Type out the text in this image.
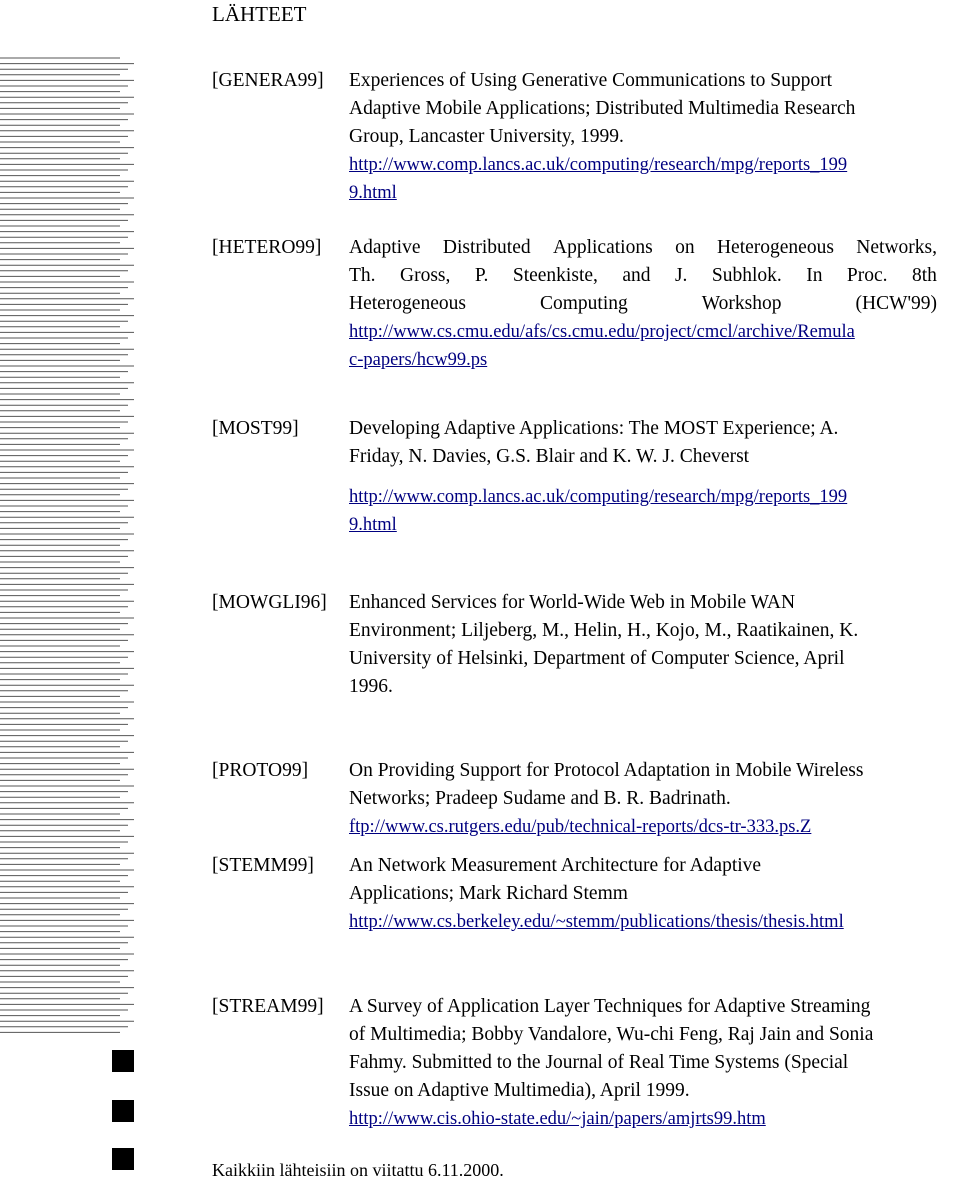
LÄHTEET
[GENERA99] Experiences of Using Generative Communications to Support
Adaptive Mobile Applications; Distributed Multimedia Research
Group, Lancaster University, 1999.
http://www.comp.lancs.ac.uk/computing/research/mpg/reports_199
9.html
[HETERO99] Adaptive Distributed Applications on Heterogeneous Networks,
Th. Gross, P. Steenkiste, and J. Subhlok. In Proc. 8th
Heterogeneous	Computing	Workshop	(HCW'99)
http://www.cs.cmu.edu/afs/cs.cmu.edu/project/cmcl/archive/Remula
c-papers/hcw99.ps
[MOST99]	Developing Adaptive Applications: The MOST Experience; A.
Friday, N. Davies, G.S. Blair and K. W. J. Cheverst
http://www.comp.lancs.ac.uk/computing/research/mpg/reports_199
9.html
[MOWGLI96] Enhanced Services for World-Wide Web in Mobile WAN
Environment; Liljeberg, M., Helin, H., Kojo, M., Raatikainen, K.
University of Helsinki, Department of Computer Science, April
1996.
[PROTO99] On Providing Support for Protocol Adaptation in Mobile Wireless
Networks; Pradeep Sudame and B. R. Badrinath.
ftp://www.cs.rutgers.edu/pub/technical-reports/dcs-tr-333.ps.Z
[STEMM99] An Network Measurement Architecture for Adaptive
Applications; Mark Richard Stemm
http://www.cs.berkeley.edu/~stemm/publications/thesis/thesis.html
[STREAM99] A Survey of Application Layer Techniques for Adaptive Streaming
of Multimedia; Bobby Vandalore, Wu-chi Feng, Raj Jain and Sonia
Fahmy. Submitted to the Journal of Real Time Systems (Special
Issue on Adaptive Multimedia), April 1999.
http://www.cis.ohio-state.edu/~jain/papers/amjrts99.htm
Kaikkiin lähteisiin on viitattu 6.11.2000.
